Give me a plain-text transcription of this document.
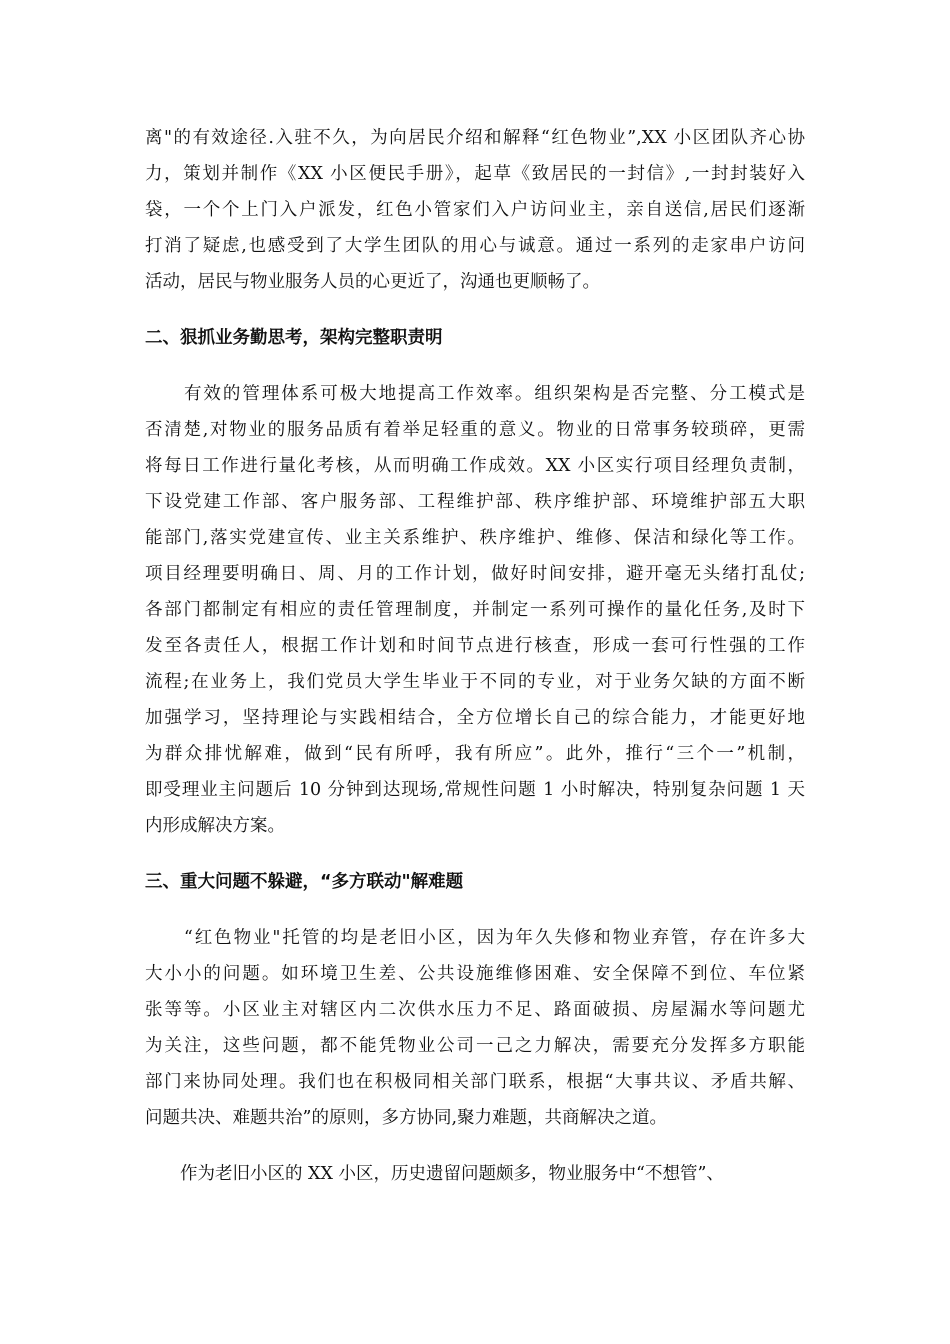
离"的有效途径.入驻不久，为向居民介绍和解释“红色物业”,XX 小区团队齐心协
力，策划并制作《XX 小区便民手册》，起草《致居民的一封信》,一封封装好入
袋，一个个上门入户派发，红色小管家们入户访问业主，亲自送信,居民们逐渐
打消了疑虑,也感受到了大学生团队的用心与诚意。通过一系列的走家串户访问
活动，居民与物业服务人员的心更近了，沟通也更顺畅了。
二、狠抓业务勤思考，架构完整职责明
　　有效的管理体系可极大地提高工作效率。组织架构是否完整、分工模式是
否清楚,对物业的服务品质有着举足轻重的意义。物业的日常事务较琐碎，更需
将每日工作进行量化考核，从而明确工作成效。XX 小区实行项目经理负责制，
下设党建工作部、客户服务部、工程维护部、秩序维护部、环境维护部五大职
能部门,落实党建宣传、业主关系维护、秩序维护、维修、保洁和绿化等工作。
项目经理要明确日、周、月的工作计划，做好时间安排，避开毫无头绪打乱仗;
各部门都制定有相应的责任管理制度，并制定一系列可操作的量化任务,及时下
发至各责任人，根据工作计划和时间节点进行核查，形成一套可行性强的工作
流程;在业务上，我们党员大学生毕业于不同的专业，对于业务欠缺的方面不断
加强学习，坚持理论与实践相结合，全方位增长自己的综合能力，才能更好地
为群众排忧解难，做到“民有所呼，我有所应”。此外，推行“三个一”机制，
即受理业主问题后 10 分钟到达现场,常规性问题 1 小时解决，特别复杂问题 1 天
内形成解决方案。
三、重大问题不躲避，“多方联动"解难题
　　“红色物业"托管的均是老旧小区，因为年久失修和物业弃管，存在许多大
大小小的问题。如环境卫生差、公共设施维修困难、安全保障不到位、车位紧
张等等。小区业主对辖区内二次供水压力不足、路面破损、房屋漏水等问题尤
为关注，这些问题，都不能凭物业公司一己之力解决，需要充分发挥多方职能
部门来协同处理。我们也在积极同相关部门联系，根据“大事共议、矛盾共解、
问题共决、难题共治”的原则，多方协同,聚力难题，共商解决之道。
　　作为老旧小区的 XX 小区，历史遗留问题颇多，物业服务中“不想管”、
